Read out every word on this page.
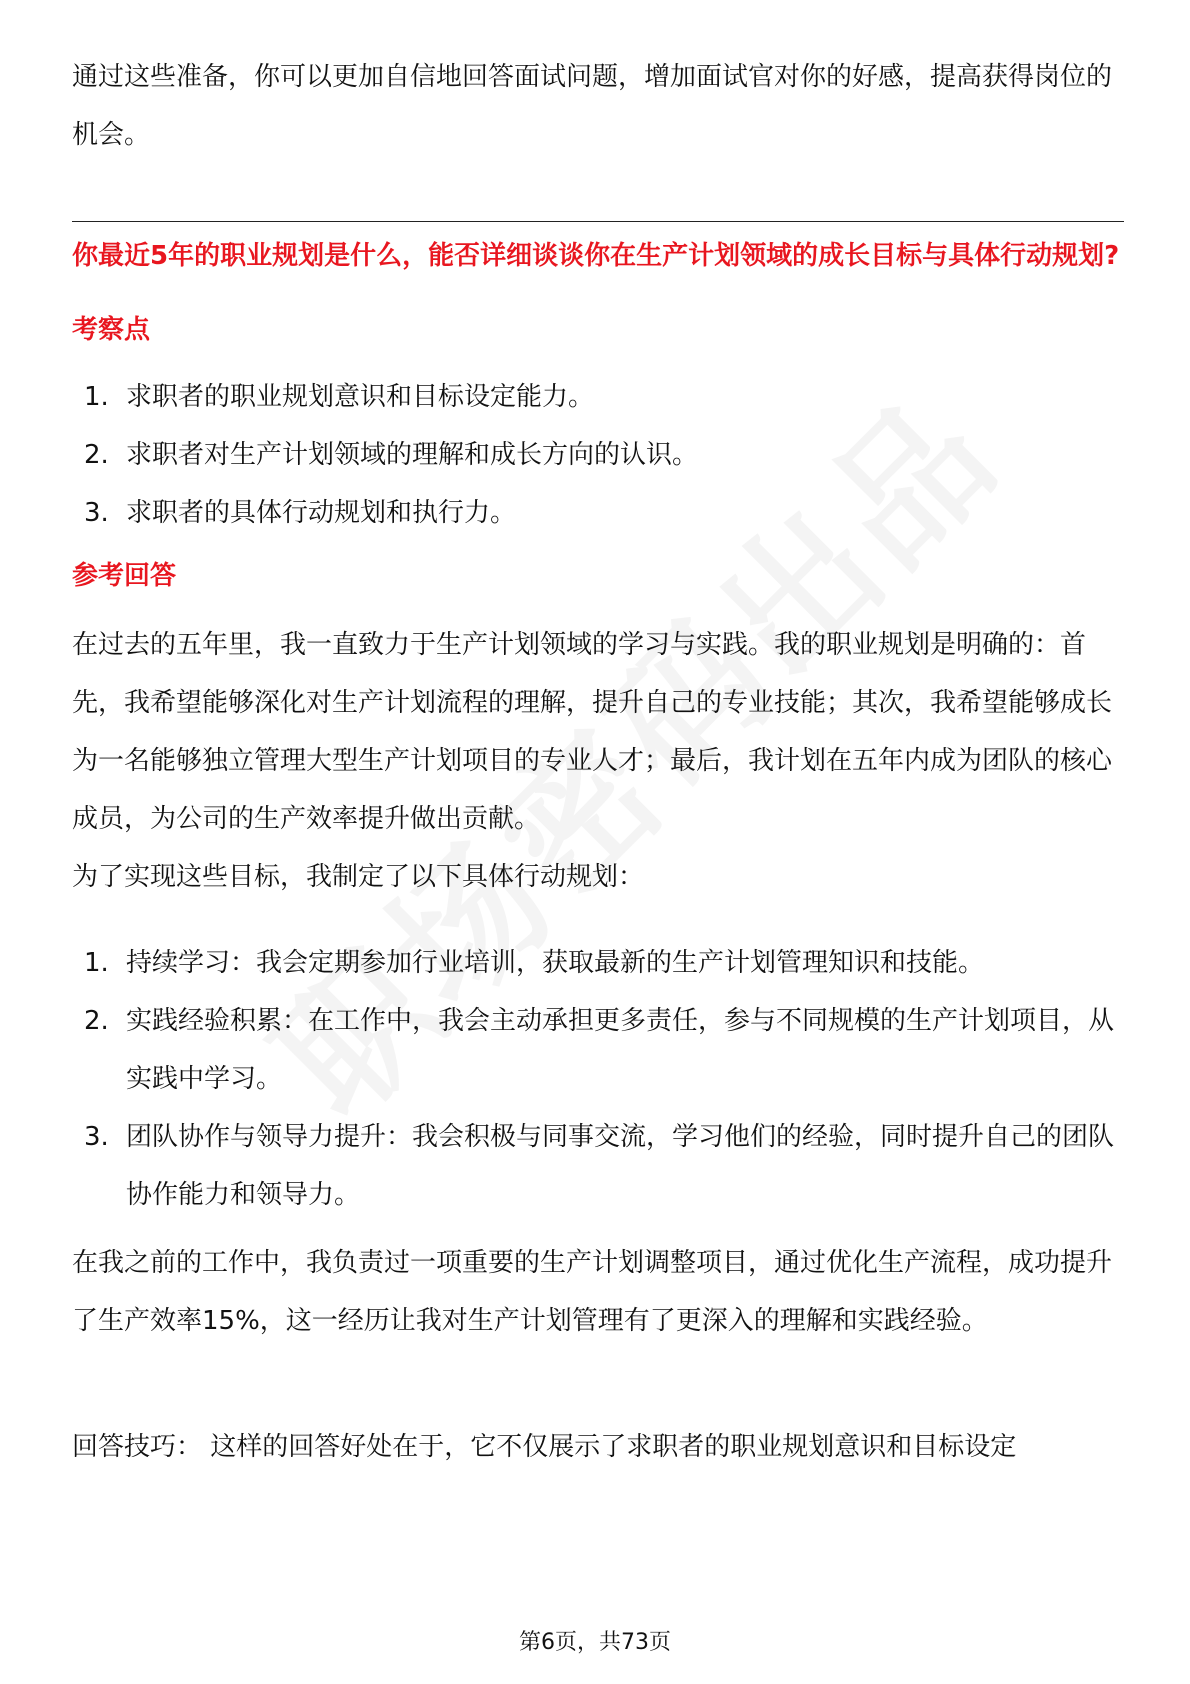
通过这些准备，你可以更加自信地回答面试问题，增加面试官对你的好感，提高获得岗位的机会。

你最近5年的职业规划是什么，能否详细谈谈你在生产计划领域的成长目标与具体行动规划?

考察点

1. 求职者的职业规划意识和目标设定能力。
2. 求职者对生产计划领域的理解和成长方向的认识。
3. 求职者的具体行动规划和执行力。

参考回答

在过去的五年里，我一直致力于生产计划领域的学习与实践。我的职业规划是明确的：首先，我希望能够深化对生产计划流程的理解，提升自己的专业技能；其次，我希望能够成长为一名能够独立管理大型生产计划项目的专业人才；最后，我计划在五年内成为团队的核心成员，为公司的生产效率提升做出贡献。

为了实现这些目标，我制定了以下具体行动规划：

1. 持续学习：我会定期参加行业培训，获取最新的生产计划管理知识和技能。
2. 实践经验积累：在工作中，我会主动承担更多责任，参与不同规模的生产计划项目，从实践中学习。
3. 团队协作与领导力提升：我会积极与同事交流，学习他们的经验，同时提升自己的团队协作能力和领导力。

在我之前的工作中，我负责过一项重要的生产计划调整项目，通过优化生产流程，成功提升了生产效率15%，这一经历让我对生产计划管理有了更深入的理解和实践经验。

回答技巧： 这样的回答好处在于，它不仅展示了求职者的职业规划意识和目标设定

第6页，共73页
